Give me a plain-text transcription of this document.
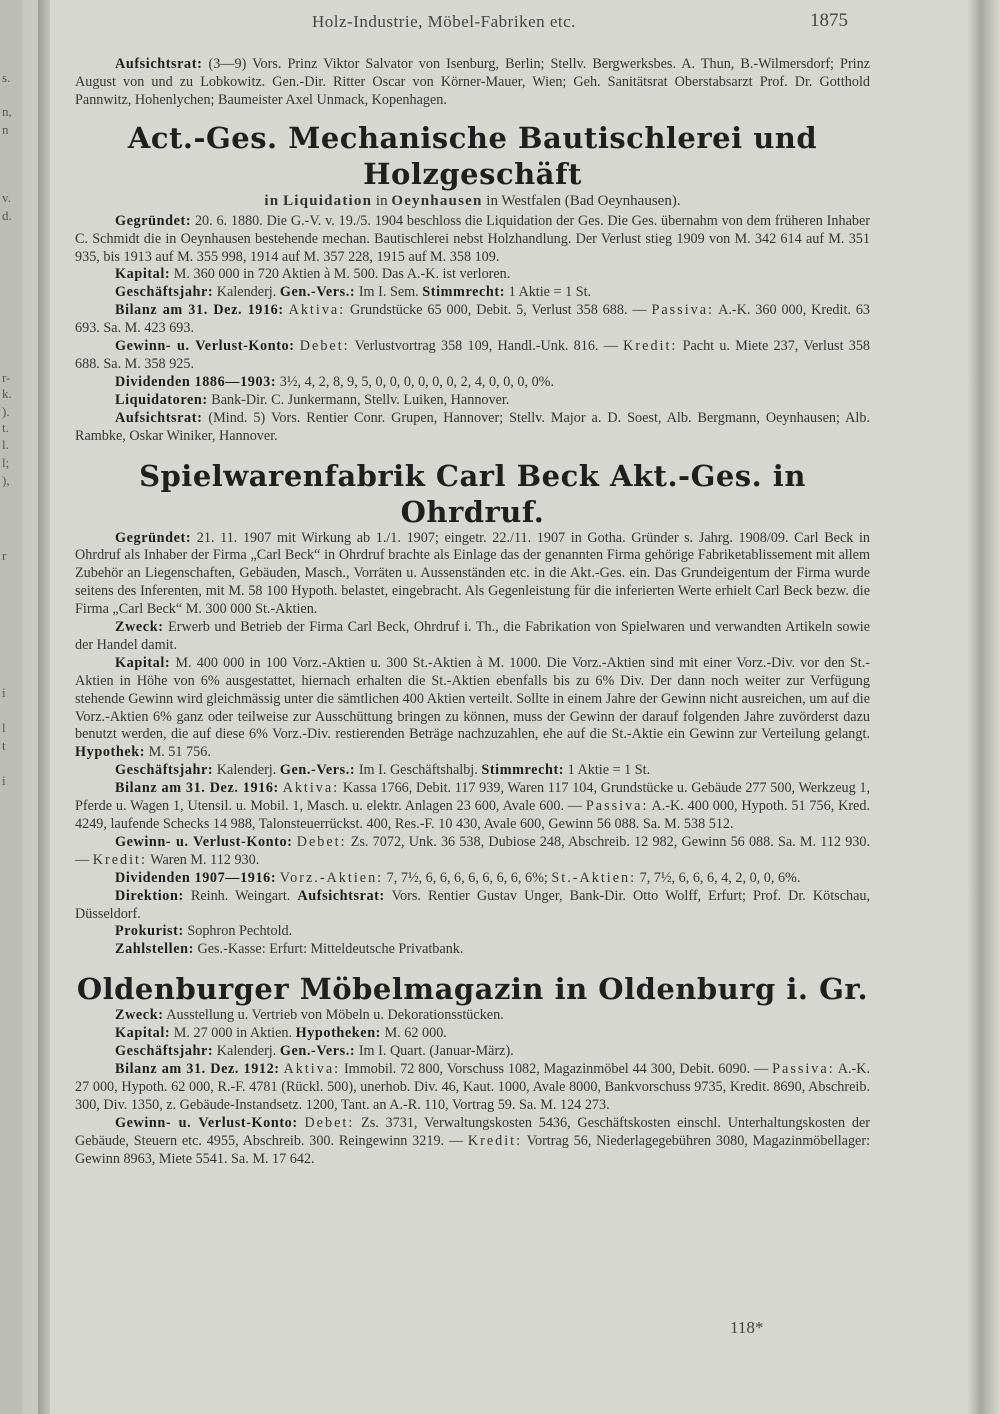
s.
n,
n
v.
d.
r-
k.
).
t.
l.
l;
),
r
i
l
t
i
Holz-Industrie, Möbel-Fabriken etc.	1875

Aufsichtsrat: (3—9) Vors. Prinz Viktor Salvator von Isenburg, Berlin; Stellv. Bergwerksbes. A. Thun, B.-Wilmersdorf; Prinz August von und zu Lobkowitz. Gen.-Dir. Ritter Oscar von Körner-Mauer, Wien; Geh. Sanitätsrat Oberstabsarzt Prof. Dr. Gotthold Pannwitz, Hohenlychen; Baumeister Axel Unmack, Kopenhagen.

Act.-Ges. Mechanische Bautischlerei und Holzgeschäft
in Liquidation in Oeynhausen in Westfalen (Bad Oeynhausen).

Gegründet: 20. 6. 1880. Die G.-V. v. 19./5. 1904 beschloss die Liquidation der Ges. Die Ges. übernahm von dem früheren Inhaber C. Schmidt die in Oeynhausen bestehende mechan. Bautischlerei nebst Holzhandlung. Der Verlust stieg 1909 von M. 342 614 auf M. 351 935, bis 1913 auf M. 355 998, 1914 auf M. 357 228, 1915 auf M. 358 109.

Kapital: M. 360 000 in 720 Aktien à M. 500. Das A.-K. ist verloren.

Geschäftsjahr: Kalenderj. Gen.-Vers.: Im I. Sem. Stimmrecht: 1 Aktie = 1 St.

Bilanz am 31. Dez. 1916: Aktiva: Grundstücke 65 000, Debit. 5, Verlust 358 688. — Passiva: A.-K. 360 000, Kredit. 63 693. Sa. M. 423 693.

Gewinn- u. Verlust-Konto: Debet: Verlustvortrag 358 109, Handl.-Unk. 816. — Kredit: Pacht u. Miete 237, Verlust 358 688. Sa. M. 358 925.

Dividenden 1886—1903: 3½, 4, 2, 8, 9, 5, 0, 0, 0, 0, 0, 0, 2, 4, 0, 0, 0, 0%.

Liquidatoren: Bank-Dir. C. Junkermann, Stellv. Luiken, Hannover.

Aufsichtsrat: (Mind. 5) Vors. Rentier Conr. Grupen, Hannover; Stellv. Major a. D. Soest, Alb. Bergmann, Oeynhausen; Alb. Rambke, Oskar Winiker, Hannover.

Spielwarenfabrik Carl Beck Akt.-Ges. in Ohrdruf.

Gegründet: 21. 11. 1907 mit Wirkung ab 1./1. 1907; eingetr. 22./11. 1907 in Gotha. Gründer s. Jahrg. 1908/09. Carl Beck in Ohrdruf als Inhaber der Firma „Carl Beck“ in Ohrdruf brachte als Einlage das der genannten Firma gehörige Fabriketablissement mit allem Zubehör an Liegenschaften, Gebäuden, Masch., Vorräten u. Aussenständen etc. in die Akt.-Ges. ein. Das Grundeigentum der Firma wurde seitens des Inferenten, mit M. 58 100 Hypoth. belastet, eingebracht. Als Gegenleistung für die inferierten Werte erhielt Carl Beck bezw. die Firma „Carl Beck“ M. 300 000 St.-Aktien.

Zweck: Erwerb und Betrieb der Firma Carl Beck, Ohrdruf i. Th., die Fabrikation von Spielwaren und verwandten Artikeln sowie der Handel damit.

Kapital: M. 400 000 in 100 Vorz.-Aktien u. 300 St.-Aktien à M. 1000. Die Vorz.-Aktien sind mit einer Vorz.-Div. vor den St.-Aktien in Höhe von 6% ausgestattet, hiernach erhalten die St.-Aktien ebenfalls bis zu 6% Div. Der dann noch weiter zur Verfügung stehende Gewinn wird gleichmässig unter die sämtlichen 400 Aktien verteilt. Sollte in einem Jahre der Gewinn nicht ausreichen, um auf die Vorz.-Aktien 6% ganz oder teilweise zur Ausschüttung bringen zu können, muss der Gewinn der darauf folgenden Jahre zuvörderst dazu benutzt werden, die auf diese 6% Vorz.-Div. restierenden Beträge nachzuzahlen, ehe auf die St.-Aktie ein Gewinn zur Verteilung gelangt. Hypothek: M. 51 756.

Geschäftsjahr: Kalenderj. Gen.-Vers.: Im I. Geschäftshalbj. Stimmrecht: 1 Aktie = 1 St.

Bilanz am 31. Dez. 1916: Aktiva: Kassa 1766, Debit. 117 939, Waren 117 104, Grundstücke u. Gebäude 277 500, Werkzeug 1, Pferde u. Wagen 1, Utensil. u. Mobil. 1, Masch. u. elektr. Anlagen 23 600, Avale 600. — Passiva: A.-K. 400 000, Hypoth. 51 756, Kred. 4249, laufende Schecks 14 988, Talonsteuerrückst. 400, Res.-F. 10 430, Avale 600, Gewinn 56 088. Sa. M. 538 512.

Gewinn- u. Verlust-Konto: Debet: Zs. 7072, Unk. 36 538, Dubiose 248, Abschreib. 12 982, Gewinn 56 088. Sa. M. 112 930. — Kredit: Waren M. 112 930.

Dividenden 1907—1916: Vorz.-Aktien: 7, 7½, 6, 6, 6, 6, 6, 6, 6, 6%; St.-Aktien: 7, 7½, 6, 6, 6, 4, 2, 0, 0, 6%.

Direktion: Reinh. Weingart. Aufsichtsrat: Vors. Rentier Gustav Unger, Bank-Dir. Otto Wolff, Erfurt; Prof. Dr. Kötschau, Düsseldorf.

Prokurist: Sophron Pechtold.

Zahlstellen: Ges.-Kasse: Erfurt: Mitteldeutsche Privatbank.

Oldenburger Möbelmagazin in Oldenburg i. Gr.

Zweck: Ausstellung u. Vertrieb von Möbeln u. Dekorationsstücken.

Kapital: M. 27 000 in Aktien. Hypotheken: M. 62 000.

Geschäftsjahr: Kalenderj. Gen.-Vers.: Im I. Quart. (Januar-März).

Bilanz am 31. Dez. 1912: Aktiva: Immobil. 72 800, Vorschuss 1082, Magazinmöbel 44 300, Debit. 6090. — Passiva: A.-K. 27 000, Hypoth. 62 000, R.-F. 4781 (Rückl. 500), unerhob. Div. 46, Kaut. 1000, Avale 8000, Bankvorschuss 9735, Kredit. 8690, Abschreib. 300, Div. 1350, z. Gebäude-Instandsetz. 1200, Tant. an A.-R. 110, Vortrag 59. Sa. M. 124 273.

Gewinn- u. Verlust-Konto: Debet: Zs. 3731, Verwaltungskosten 5436, Geschäftskosten einschl. Unterhaltungskosten der Gebäude, Steuern etc. 4955, Abschreib. 300. Reingewinn 3219. — Kredit: Vortrag 56, Niederlagegebühren 3080, Magazinmöbellager: Gewinn 8963, Miete 5541. Sa. M. 17 642.

118*
